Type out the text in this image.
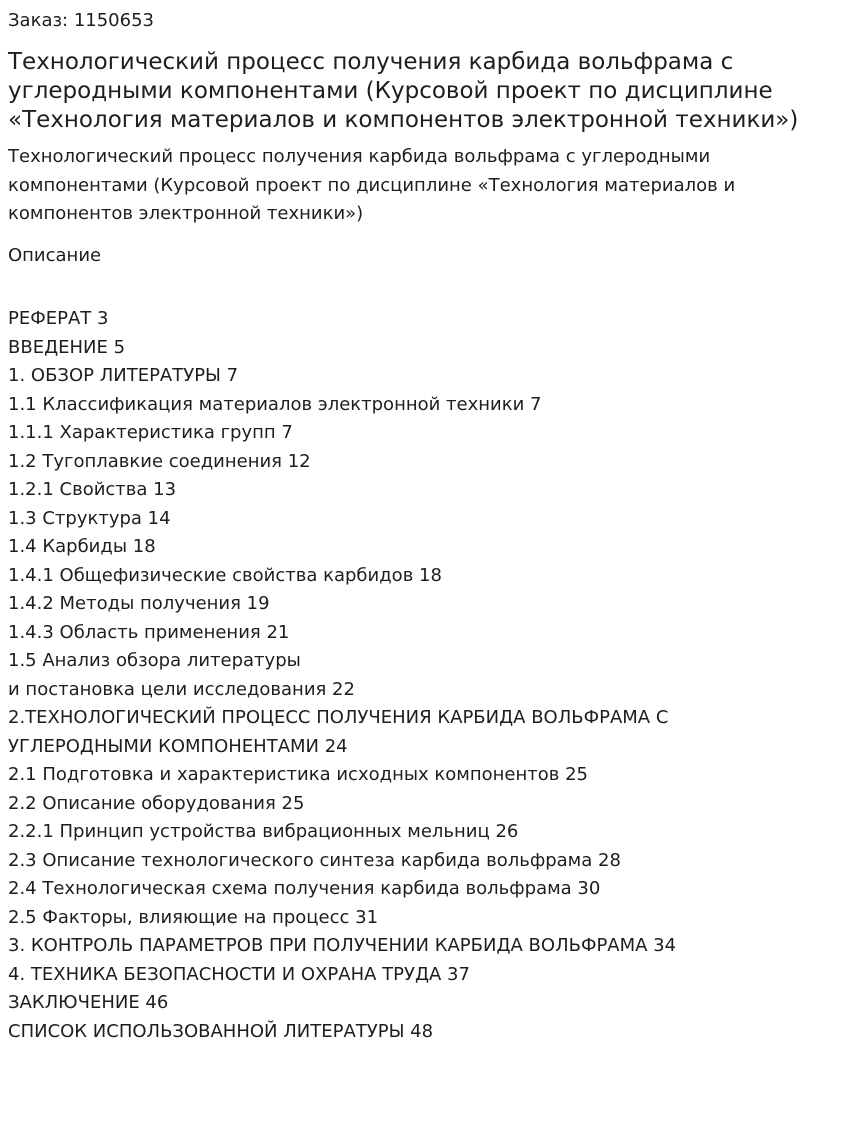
Заказ: 1150653

Технологический процесс получения карбида вольфрама с углеродными компонентами (Курсовой проект по дисциплине «Технология материалов и компонентов электронной техники»)

Технологический процесс получения карбида вольфрама с углеродными компонентами (Курсовой проект по дисциплине «Технология материалов и компонентов электронной техники»)

Описание

РЕФЕРАТ 3
ВВЕДЕНИЕ 5
1. ОБЗОР ЛИТЕРАТУРЫ 7
1.1 Классификация материалов электронной техники 7
1.1.1 Характеристика групп 7
1.2 Тугоплавкие соединения 12
1.2.1 Свойства 13
1.3 Структура 14
1.4 Карбиды 18
1.4.1 Общефизические свойства карбидов 18
1.4.2 Методы получения 19
1.4.3 Область применения 21
1.5 Анализ обзора литературы
и постановка цели исследования 22
2.ТЕХНОЛОГИЧЕСКИЙ ПРОЦЕСС ПОЛУЧЕНИЯ КАРБИДА ВОЛЬФРАМА С
УГЛЕРОДНЫМИ КОМПОНЕНТАМИ 24
2.1 Подготовка и характеристика исходных компонентов 25
2.2 Описание оборудования 25
2.2.1 Принцип устройства вибрационных мельниц 26
2.3 Описание технологического синтеза карбида вольфрама 28
2.4 Технологическая схема получения карбида вольфрама 30
2.5 Факторы, влияющие на процесс 31
3. КОНТРОЛЬ ПАРАМЕТРОВ ПРИ ПОЛУЧЕНИИ КАРБИДА ВОЛЬФРАМА 34
4. ТЕХНИКА БЕЗОПАСНОСТИ И ОХРАНА ТРУДА 37
ЗАКЛЮЧЕНИЕ 46
СПИСОК ИСПОЛЬЗОВАННОЙ ЛИТЕРАТУРЫ 48
